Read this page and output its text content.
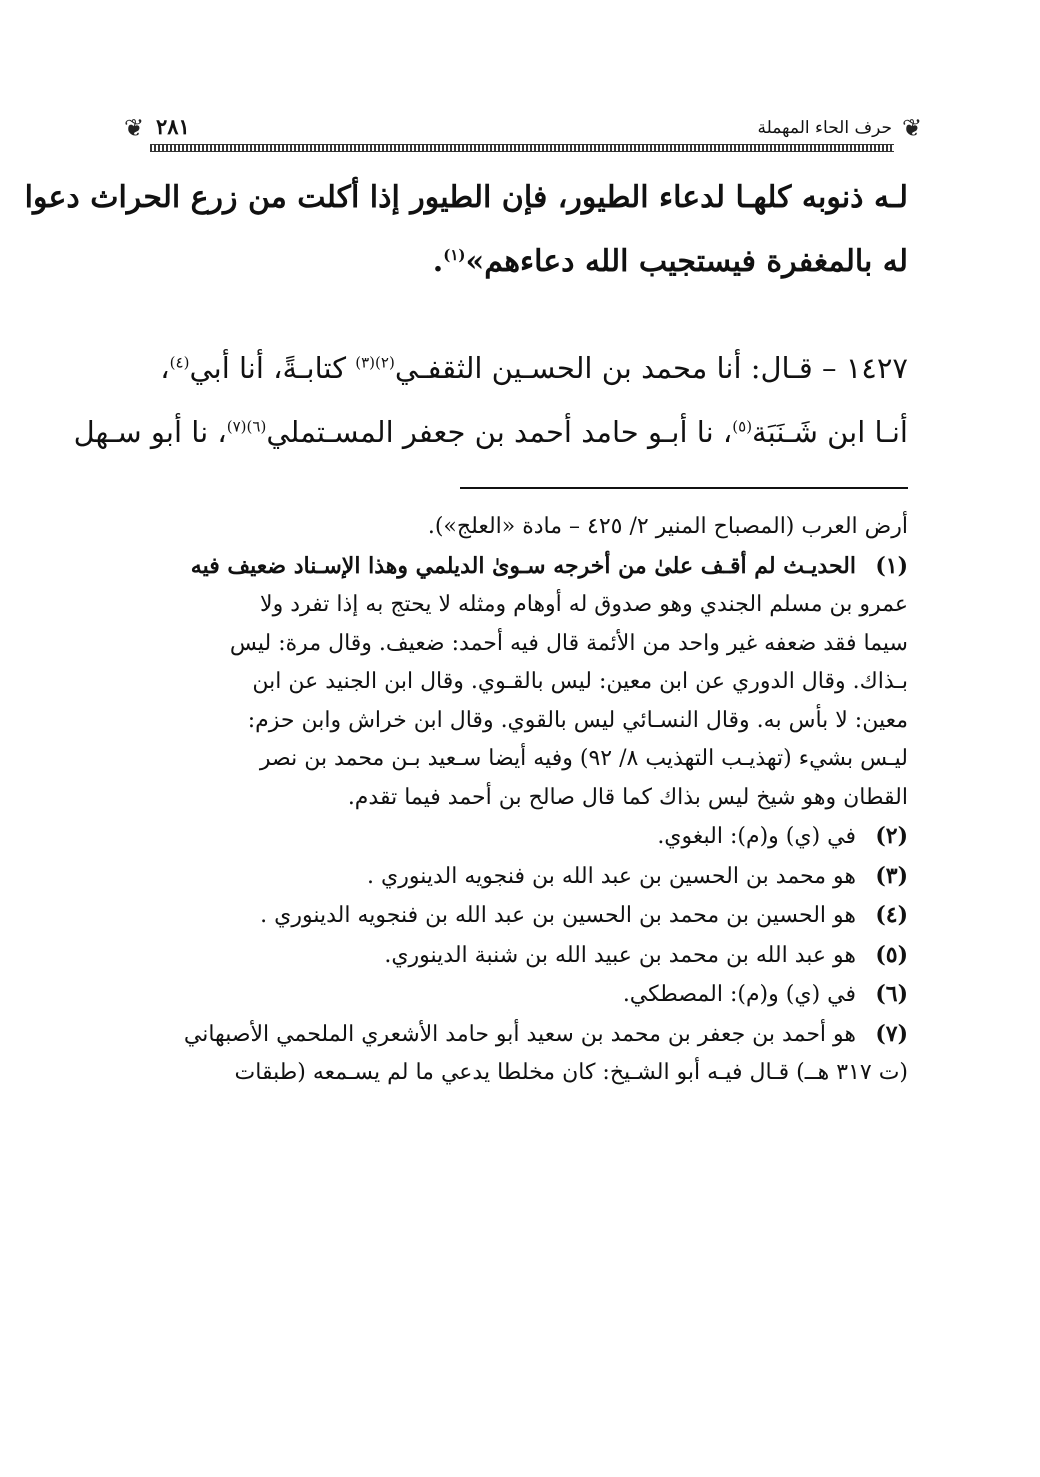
❦
حرف الحاء المهملة
٢٨١
❦

لـه ذنوبه كلهـا لدعاء الطيور، فإن الطيور إذا أكلت من زرع الحراث دعوا

له بالمغفرة فيستجيب الله دعاءهم»$^{(١)}$.

١٤٢٧ – قـال: أنا محمد بن الحسـين الثقفـي$^{(٢)(٣)}$ كتابـةً، أنا أبي$^{(٤)}$،

أنـا ابن شَـنَبَة$^{(٥)}$، نا أبـو حامد أحمد بن جعفر المسـتملي$^{(٦)(٧)}$، نا أبو سـهل

أرض العرب (المصباح المنير ٢/ ٤٢٥ – مادة «العلج»).

(١)الحديـث لم أقـف علىٰ من أخرجه سـوىٰ الديلمي وهذا الإسـناد ضعيف فيه

عمرو بن مسلم الجندي وهو صدوق له أوهام ومثله لا يحتج به إذا تفرد ولا

سيما فقد ضعفه غير واحد من الأئمة قال فيه أحمد: ضعيف. وقال مرة: ليس

بـذاك. وقال الدوري عن ابن معين: ليس بالقـوي. وقال ابن الجنيد عن ابن

معين: لا بأس به. وقال النسـائي ليس بالقوي. وقال ابن خراش وابن حزم:

ليـس بشيء (تهذيـب التهذيب ٨/ ٩٢) وفيه أيضا سـعيد بـن محمد بن نصر

القطان وهو شيخ ليس بذاك كما قال صالح بن أحمد فيما تقدم.

(٢)في (ي) و(م): البغوي.

(٣)هو محمد بن الحسين بن عبد الله بن فنجويه الدينوري .

(٤)هو الحسين بن محمد بن الحسين بن عبد الله بن فنجويه الدينوري .

(٥)هو عبد الله بن محمد بن عبيد الله بن شنبة الدينوري.

(٦)في (ي) و(م): المصطكي.

(٧)هو أحمد بن جعفر بن محمد بن سعيد أبو حامد الأشعري الملحمي الأصبهاني

(ت ٣١٧ هــ) قـال فيـه أبو الشـيخ: كان مخلطا يدعي ما لم يسـمعه (طبقات
